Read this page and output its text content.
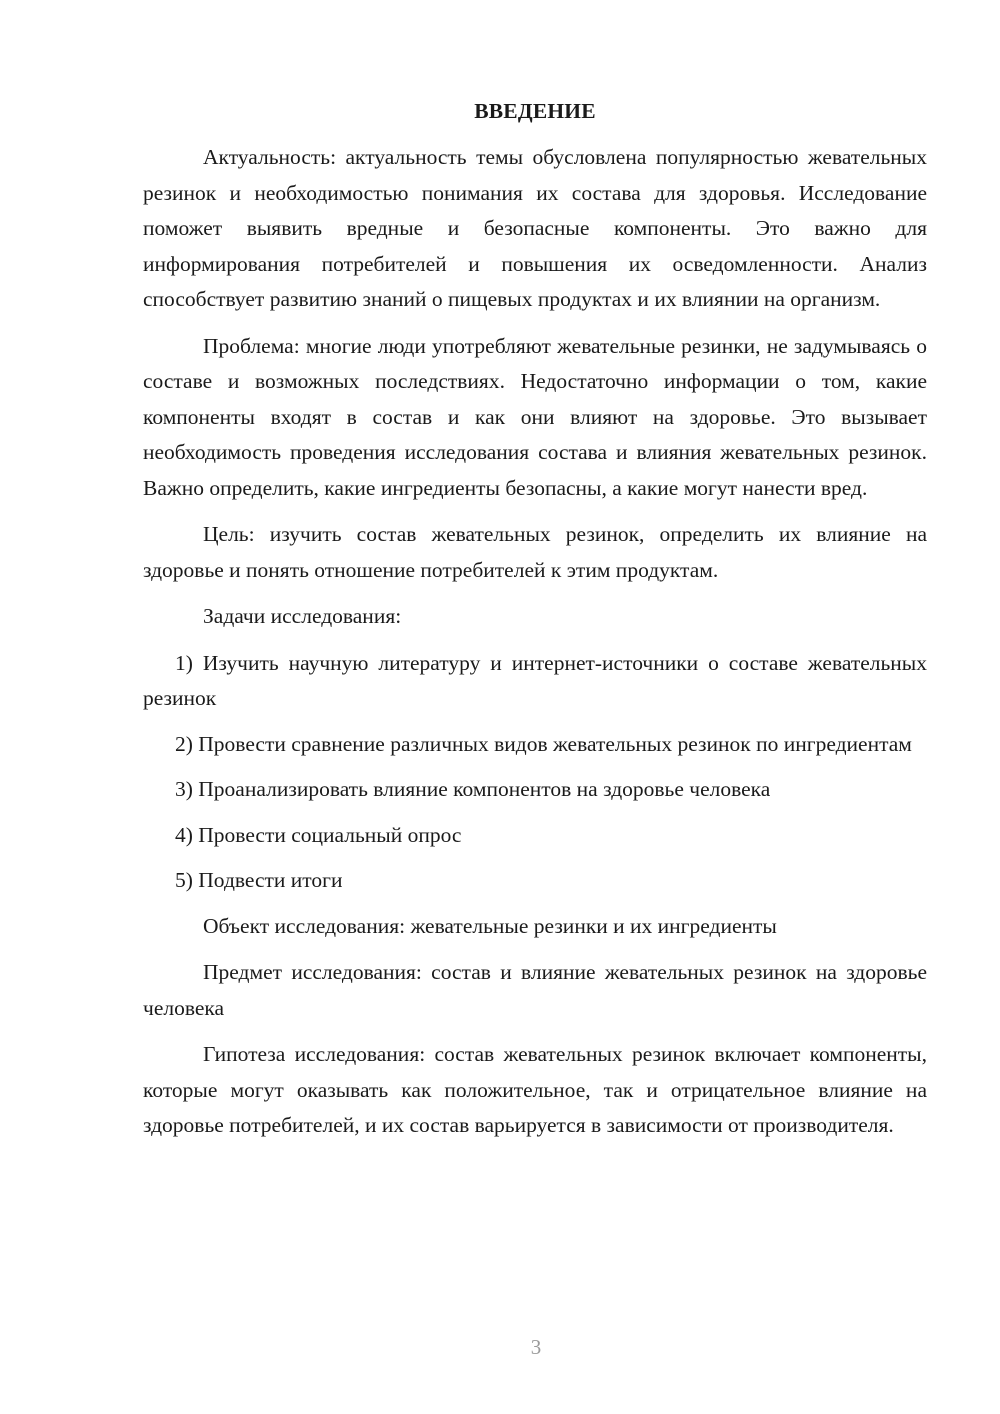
ВВЕДЕНИЕ

Актуальность: актуальность темы обусловлена популярностью жевательных резинок и необходимостью понимания их состава для здоровья. Исследование поможет выявить вредные и безопасные компоненты. Это важно для информирования потребителей и повышения их осведомленности. Анализ способствует развитию знаний о пищевых продуктах и их влиянии на организм.

Проблема: многие люди употребляют жевательные резинки, не задумываясь о составе и возможных последствиях. Недостаточно информации о том, какие компоненты входят в состав и как они влияют на здоровье. Это вызывает необходимость проведения исследования состава и влияния жевательных резинок. Важно определить, какие ингредиенты безопасны, а какие могут нанести вред.

Цель: изучить состав жевательных резинок, определить их влияние на здоровье и понять отношение потребителей к этим продуктам.

Задачи исследования:

1) Изучить научную литературу и интернет-источники о составе жевательных резинок

2) Провести сравнение различных видов жевательных резинок по ингредиентам

3) Проанализировать влияние компонентов на здоровье человека

4) Провести социальный опрос

5) Подвести итоги

Объект исследования: жевательные резинки и их ингредиенты

Предмет исследования: состав и влияние жевательных резинок на здоровье человека

Гипотеза исследования: состав жевательных резинок включает компоненты, которые могут оказывать как положительное, так и отрицательное влияние на здоровье потребителей, и их состав варьируется в зависимости от производителя.

3
